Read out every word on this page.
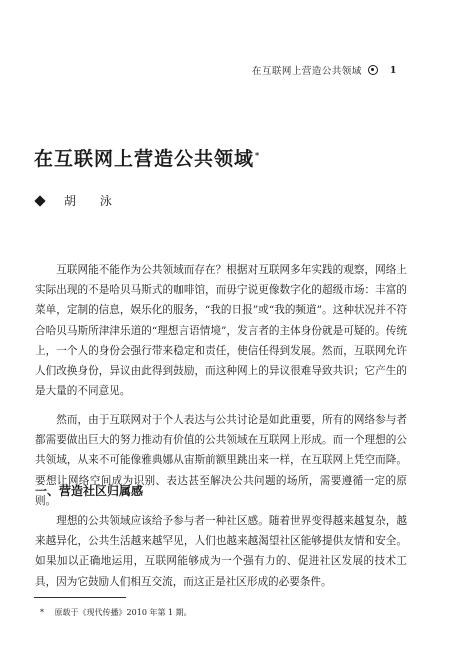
在互联网上营造公共领域	1
在互联网上营造公共领域*
胡 泳

互联网能不能作为公共领域而存在？根据对互联网多年实践的观察，网络上实际出现的不是哈贝马斯式的咖啡馆，而毋宁说更像数字化的超级市场：丰富的菜单，定制的信息，娱乐化的服务，“我的日报”或“我的频道”。这种状况并不符合哈贝马斯所津津乐道的“理想言语情境”，发言者的主体身份就是可疑的。传统上，一个人的身份会强行带来稳定和责任，使信任得到发展。然而，互联网允许人们改换身份，异议由此得到鼓励，而这种网上的异议很难导致共识；它产生的是大量的不同意见。

然而，由于互联网对于个人表达与公共讨论是如此重要，所有的网络参与者都需要做出巨大的努力推动有价值的公共领域在互联网上形成。而一个理想的公共领域，从来不可能像雅典娜从宙斯前额里跳出来一样，在互联网上凭空而降。要想让网络空间成为识别、表达甚至解决公共问题的场所，需要遵循一定的原则。

一、营造社区归属感

理想的公共领域应该给予参与者一种社区感。随着世界变得越来越复杂，越来越异化，公共生活越来越罕见，人们也越来越渴望社区能够提供友情和安全。如果加以正确地运用，互联网能够成为一个强有力的、促进社区发展的技术工具，因为它鼓励人们相互交流，而这正是社区形成的必要条件。

* 原载于《现代传播》2010 年第 1 期。
